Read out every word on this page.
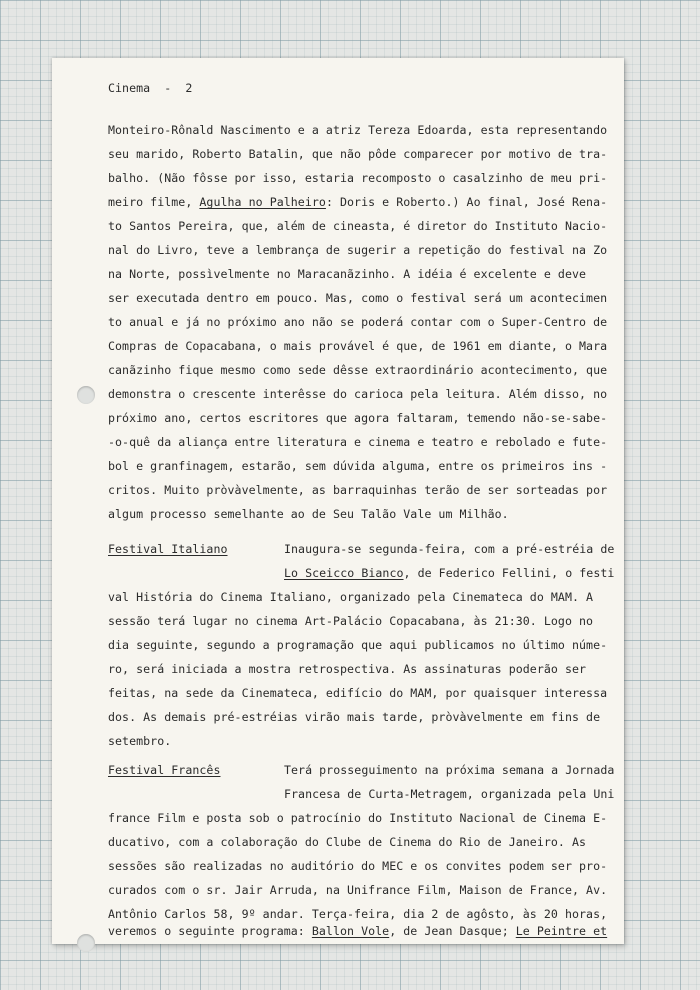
Cinema - 2
Monteiro-Rônald Nascimento e a atriz Tereza Edoarda, esta representando
seu marido, Roberto Batalin, que não pôde comparecer por motivo de tra-
balho. (Não fôsse por isso, estaria recomposto o casalzinho de meu pri-
meiro filme, Agulha no Palheiro: Doris e Roberto.) Ao final, José Rena-
to Santos Pereira, que, além de cineasta, é diretor do Instituto Nacio-
nal do Livro, teve a lembrança de sugerir a repetição do festival na Zo
na Norte, possìvelmente no Maracanãzinho. A idéia é excelente e deve
ser executada dentro em pouco. Mas, como o festival será um acontecimen
to anual e já no próximo ano não se poderá contar com o Super-Centro de
Compras de Copacabana, o mais provável é que, de 1961 em diante, o Mara
canãzinho fique mesmo como sede dêsse extraordinário acontecimento, que
demonstra o crescente interêsse do carioca pela leitura. Além disso, no
próximo ano, certos escritores que agora faltaram, temendo não-se-sabe-
-o-quê da aliança entre literatura e cinema e teatro e rebolado e fute-
bol e granfinagem, estarão, sem dúvida alguma, entre os primeiros ins -
critos. Muito pròvàvelmente, as barraquinhas terão de ser sorteadas por
algum processo semelhante ao de Seu Talão Vale um Milhão.
Festival Italiano	Inaugura-se segunda-feira, com a pré-estréia de
Lo Sceicco Bianco, de Federico Fellini, o festi
val História do Cinema Italiano, organizado pela Cinemateca do MAM. A
sessão terá lugar no cinema Art-Palácio Copacabana, às 21:30. Logo no
dia seguinte, segundo a programação que aqui publicamos no último núme-
ro, será iniciada a mostra retrospectiva. As assinaturas poderão ser
feitas, na sede da Cinemateca, edifício do MAM, por quaisquer interessa
dos. As demais pré-estréias virão mais tarde, pròvàvelmente em fins de
setembro.
Festival Francês	Terá prosseguimento na próxima semana a Jornada
Francesa de Curta-Metragem, organizada pela Uni
france Film e posta sob o patrocínio do Instituto Nacional de Cinema E-
ducativo, com a colaboração do Clube de Cinema do Rio de Janeiro. As
sessões são realizadas no auditório do MEC e os convites podem ser pro-
curados com o sr. Jair Arruda, na Unifrance Film, Maison de France, Av.
Antônio Carlos 58, 9º andar. Terça-feira, dia 2 de agôsto, às 20 horas,
veremos o seguinte programa: Ballon Vole, de Jean Dasque; Le Peintre et
